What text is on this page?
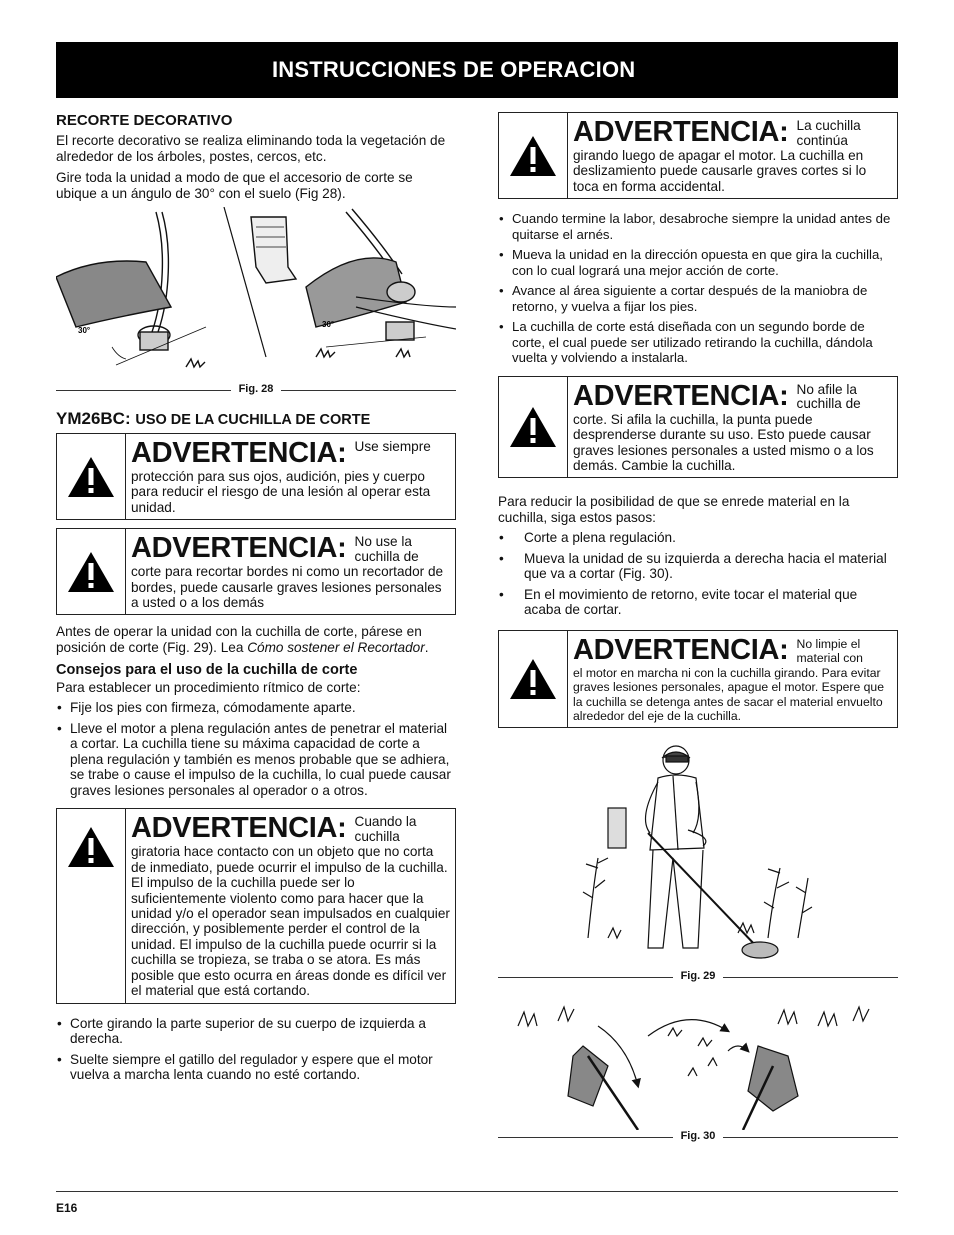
INSTRUCCIONES DE OPERACION
RECORTE DECORATIVO

El recorte decorativo se realiza eliminando toda la vegetación de alrededor de los árboles, postes, cercos, etc.

Gire toda la unidad a modo de que el accesorio de corte se ubique a un ángulo de 30° con el suelo (Fig 28).

30°
30°
Fig. 28
YM26BC: USO DE LA CUCHILLA DE CORTE
ADVERTENCIA: Use siempre
protección para sus ojos, audición, pies y cuerpo para reducir el riesgo de una lesión al operar esta unidad.
ADVERTENCIA: No use la cuchilla de
corte para recortar bordes ni como un recortador de bordes, puede causarle graves lesiones personales a usted o a los demás

Antes de operar la unidad con la cuchilla de corte, párese en posición de corte (Fig. 29). Lea Cómo sostener el Recortador.

Consejos para el uso de la cuchilla de corte

Para establecer un procedimiento rítmico de corte:

• Fije los pies con firmeza, cómodamente aparte.
• Lleve el motor a plena regulación antes de penetrar el material a cortar. La cuchilla tiene su máxima capacidad de corte a plena regulación y también es menos probable que se adhiera, se trabe o cause el impulso de la cuchilla, lo cual puede causar graves lesiones personales al operador o a otros.
ADVERTENCIA: Cuando la cuchilla
giratoria hace contacto con un objeto que no corta de inmediato, puede ocurrir el impulso de la cuchilla. El impulso de la cuchilla puede ser lo suficientemente violento como para hacer que la unidad y/o el operador sean impulsados en cualquier dirección, y posiblemente perder el control de la unidad. El impulso de la cuchilla puede ocurrir si la cuchilla se tropieza, se traba o se atora. Es más posible que esto ocurra en áreas donde es difícil ver el material que está cortando.
• Corte girando la parte superior de su cuerpo de izquierda a derecha.
• Suelte siempre el gatillo del regulador y espere que el motor vuelva a marcha lenta cuando no esté cortando.
ADVERTENCIA: La cuchilla continúa
girando luego de apagar el motor. La cuchilla en deslizamiento puede causarle graves cortes si lo toca en forma accidental.
• Cuando termine la labor, desabroche siempre la unidad antes de quitarse el arnés.
• Mueva la unidad en la dirección opuesta en que gira la cuchilla, con lo cual logrará una mejor acción de corte.
• Avance al área siguiente a cortar después de la maniobra de retorno, y vuelva a fijar los pies.
• La cuchilla de corte está diseñada con un segundo borde de corte, el cual puede ser utilizado retirando la cuchilla, dándola vuelta y volviendo a instalarla.
ADVERTENCIA: No afile la cuchilla de
corte. Si afila la cuchilla, la punta puede desprenderse durante su uso. Esto puede causar graves lesiones personales a usted mismo o a los demás. Cambie la cuchilla.

Para reducir la posibilidad de que se enrede material en la cuchilla, siga estos pasos:

• Corte a plena regulación.
• Mueva la unidad de su izquierda a derecha hacia el material que va a cortar (Fig. 30).
• En el movimiento de retorno, evite tocar el material que acaba de cortar.
ADVERTENCIA: No limpie el material con
el motor en marcha ni con la cuchilla girando. Para evitar graves lesiones personales, apague el motor. Espere que la cuchilla se detenga antes de sacar el material envuelto alrededor del eje de la cuchilla.
Fig. 29
Fig. 30
E16
